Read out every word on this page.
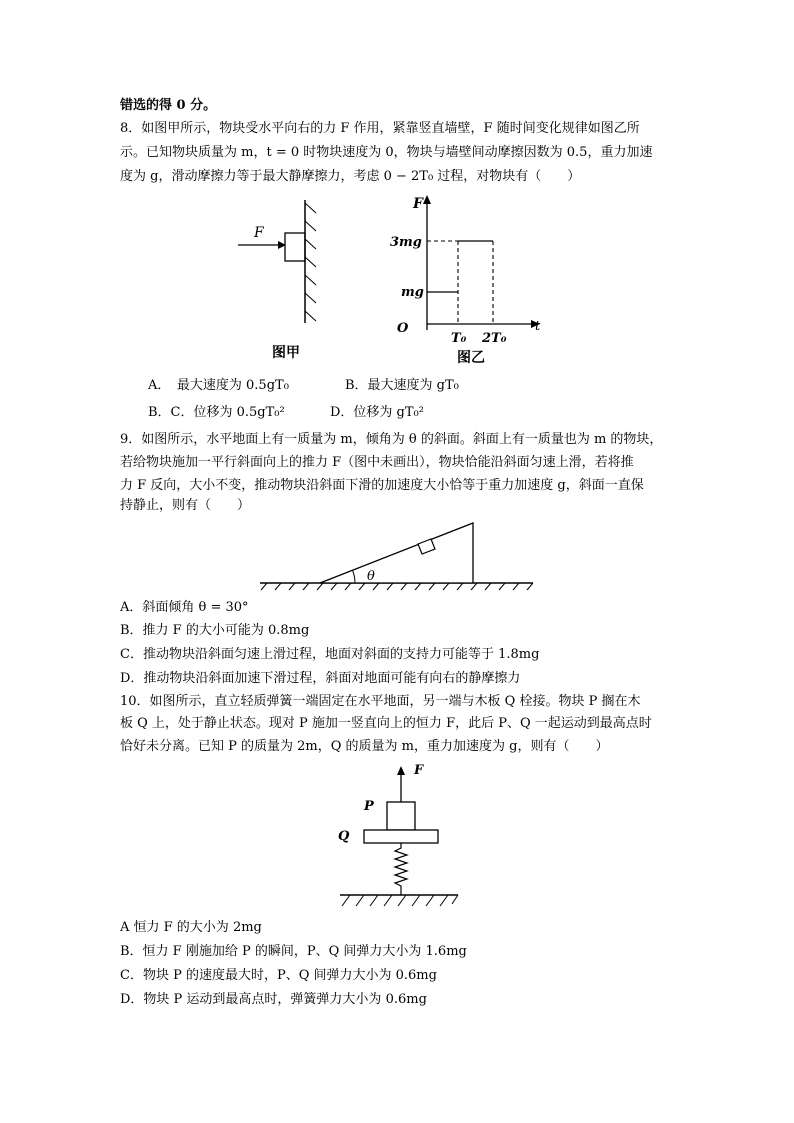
错选的得 0 分。
8．如图甲所示，物块受水平向右的力 F 作用，紧靠竖直墙壁，F 随时间变化规律如图乙所
示。已知物块质量为 m，t = 0 时物块速度为 0，物块与墙壁间动摩擦因数为 0.5，重力加速
度为 g，滑动摩擦力等于最大静摩擦力，考虑 0 − 2T₀ 过程，对物块有（　　）
F
图甲
F
t
O
3mg
mg
T₀ 2T₀
图乙
A．　最大速度为 0.5gT₀	B．最大速度为 gT₀
B．C．位移为 0.5gT₀²	D．位移为 gT₀²
9．如图所示，水平地面上有一质量为 m，倾角为 θ 的斜面。斜面上有一质量也为 m 的物块，
若给物块施加一平行斜面向上的推力 F（图中未画出），物块恰能沿斜面匀速上滑，若将推
力 F 反向，大小不变，推动物块沿斜面下滑的加速度大小恰等于重力加速度 g，斜面一直保
持静止，则有（　　）
θ
A．斜面倾角 θ = 30°
B．推力 F 的大小可能为 0.8mg
C．推动物块沿斜面匀速上滑过程，地面对斜面的支持力可能等于 1.8mg
D．推动物块沿斜面加速下滑过程，斜面对地面可能有向右的静摩擦力
10．如图所示，直立轻质弹簧一端固定在水平地面，另一端与木板 Q 栓接。物块 P 搁在木
板 Q 上，处于静止状态。现对 P 施加一竖直向上的恒力 F，此后 P、Q 一起运动到最高点时
恰好未分离。已知 P 的质量为 2m，Q 的质量为 m，重力加速度为 g，则有（　　）
F
P
Q
A 恒力 F 的大小为 2mg
B．恒力 F 刚施加给 P 的瞬间，P、Q 间弹力大小为 1.6mg
C．物块 P 的速度最大时，P、Q 间弹力大小为 0.6mg
D．物块 P 运动到最高点时，弹簧弹力大小为 0.6mg
